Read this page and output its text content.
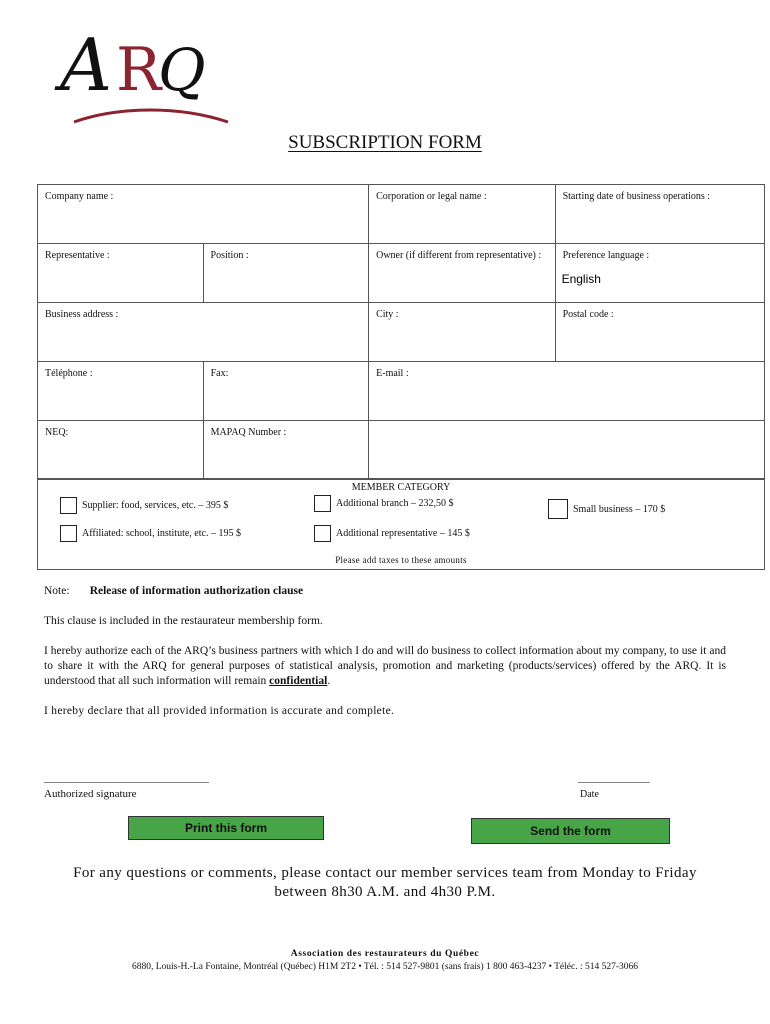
A R
Q
SUBSCRIPTION FORM
Company name :	Corporation or legal name :	Starting date of business operations :
Representative :	Position :	Owner (if different from representative) :	Preference language :
English
Business address :	City :	Postal code :
Téléphone :	Fax:	E-mail :
NEQ:	MAPAQ Number :
MEMBER CATEGORY
Supplier: food, services, etc. – 395 $	Additional branch – 232,50 $	Small business – 170 $
Affiliated: school, institute, etc. – 195 $	Additional representative – 145 $
Please add taxes to these amounts
Note: Release of information authorization clause
This clause is included in the restaurateur membership form.
I hereby authorize each of the ARQ’s business partners with which I do and will do business to collect information about my company, to use it and to share it with the ARQ for general purposes of statistical analysis, promotion and marketing (products/services) offered by the ARQ. It is understood that all such information will remain confidential.
I hereby declare that all provided information is accurate and complete.
______________________________
Authorized signature
_____________
Date
Print this form	Send the form
For any questions or comments, please contact our member services team from Monday to Friday
between 8h30 A.M. and 4h30 P.M.
Association des restaurateurs du Québec
6880, Louis-H.-La Fontaine, Montréal (Québec) H1M 2T2 • Tél. : 514 527-9801 (sans frais) 1 800 463-4237 • Téléc. : 514 527-3066
